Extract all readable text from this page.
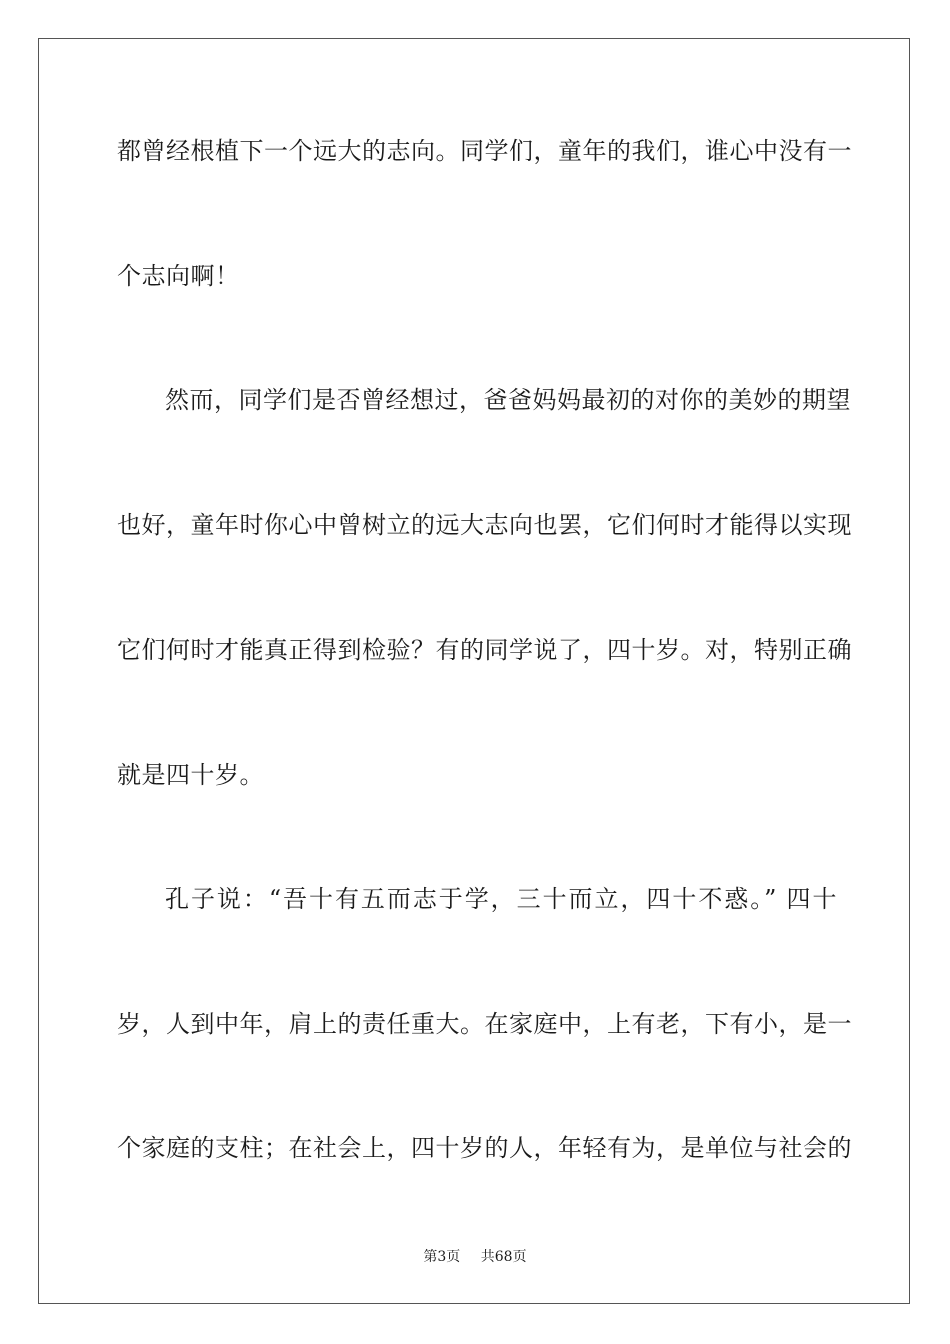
都曾经根植下一个远大的志向。同学们，童年的我们，谁心中没有一
个志向啊！
然而，同学们是否曾经想过，爸爸妈妈最初的对你的美妙的期望
也好，童年时你心中曾树立的远大志向也罢，它们何时才能得以实现
它们何时才能真正得到检验？有的同学说了，四十岁。对，特别正确
就是四十岁。
孔子说：“吾十有五而志于学，三十而立，四十不惑。” 四十
岁，人到中年，肩上的责任重大。在家庭中，上有老，下有小，是一
个家庭的支柱；在社会上，四十岁的人，年轻有为，是单位与社会的
第3页 共68页
